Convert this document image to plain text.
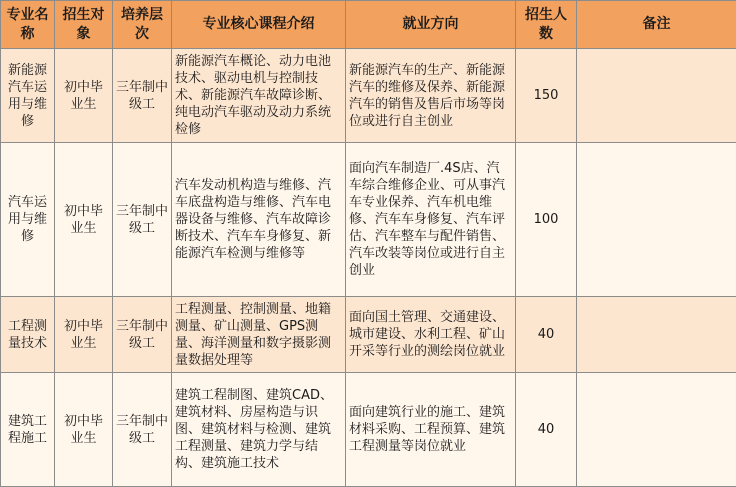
专业名称	招生对象	培养层次	专业核心课程介绍	就业方向	招生人数	备注
新能源汽车运用与维修	初中毕业生	三年制中级工	新能源汽车概论、动力电池技术、驱动电机与控制技术、新能源汽车故障诊断、纯电动汽车驱动及动力系统检修	新能源汽车的生产、新能源汽车的维修及保养、新能源汽车的销售及售后市场等岗位或进行自主创业	150	
汽车运用与维修	初中毕业生	三年制中级工	汽车发动机构造与维修、汽车底盘构造与维修、汽车电器设备与维修、汽车故障诊断技术、汽车车身修复、新能源汽车检测与维修等	面向汽车制造厂.4S店、汽车综合维修企业、可从事汽车专业保养、汽车机电维修、汽车车身修复、汽车评估、汽车整车与配件销售、汽车改装等岗位或进行自主创业	100	
工程测量技术	初中毕业生	三年制中级工	工程测量、控制测量、地籍测量、矿山测量、GPS测量、海洋测量和数字摄影测量数据处理等	面向国土管理、交通建设、城市建设、水利工程、矿山开采等行业的测绘岗位就业	40	
建筑工程施工	初中毕业生	三年制中级工	建筑工程制图、建筑CAD、建筑材料、房屋构造与识图、建筑材料与检测、建筑工程测量、建筑力学与结构、建筑施工技术	面向建筑行业的施工、建筑材料采购、工程预算、建筑工程测量等岗位就业	40	
